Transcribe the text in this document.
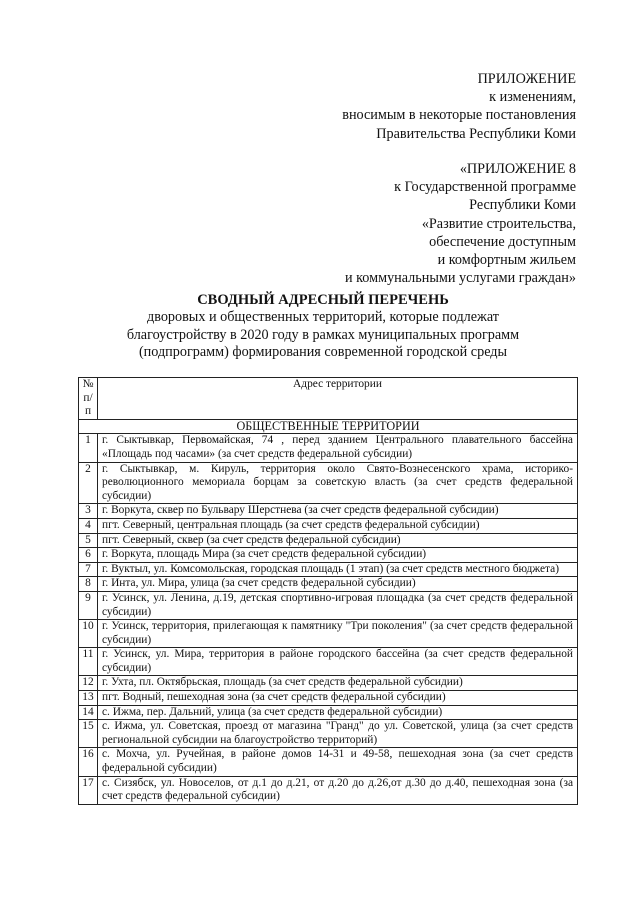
ПРИЛОЖЕНИЕ
к изменениям,
вносимым в некоторые постановления
Правительства Республики Коми
«ПРИЛОЖЕНИЕ 8
к Государственной программе
Республики Коми
«Развитие строительства,
обеспечение доступным
и комфортным жильем
и коммунальными услугами граждан»
СВОДНЫЙ АДРЕСНЫЙ ПЕРЕЧЕНЬ
дворовых и общественных территорий, которые подлежат
благоустройству в 2020 году в рамках муниципальных программ
(подпрограмм) формирования современной городской среды
№ п/п	Адрес территории
ОБЩЕСТВЕННЫЕ ТЕРРИТОРИИ	
1	г. Сыктывкар, Первомайская, 74 , перед зданием Центрального плавательного бассейна «Площадь под часами» (за счет средств федеральной субсидии)
2	г. Сыктывкар, м. Кируль, территория около Свято-Вознесенского храма, историко-революционного мемориала борцам за советскую власть (за счет средств федеральной субсидии)
3	г. Воркута, сквер по Бульвару Шерстнева (за счет средств федеральной субсидии)
4	пгт. Северный, центральная площадь (за счет средств федеральной субсидии)
5	пгт. Северный, сквер (за счет средств федеральной субсидии)
6	г. Воркута, площадь Мира (за счет средств федеральной субсидии)
7	г. Вуктыл, ул. Комсомольская, городская площадь (1 этап) (за счет средств местного бюджета)
8	г. Инта, ул. Мира, улица (за счет средств федеральной субсидии)
9	г. Усинск, ул. Ленина, д.19, детская спортивно-игровая площадка (за счет средств федеральной субсидии)
10	г. Усинск, территория, прилегающая к памятнику "Три поколения" (за счет средств федеральной субсидии)
11	г. Усинск, ул. Мира, территория в районе городского бассейна (за счет средств федеральной субсидии)
12	г. Ухта, пл. Октябрьская, площадь (за счет средств федеральной субсидии)
13	пгт. Водный, пешеходная зона (за счет средств федеральной субсидии)
14	с. Ижма, пер. Дальний, улица (за счет средств федеральной субсидии)
15	с. Ижма, ул. Советская, проезд от магазина "Гранд" до ул. Советской, улица (за счет средств региональной субсидии на благоустройство территорий)
16	с. Мохча, ул. Ручейная, в районе домов 14-31 и 49-58, пешеходная зона (за счет средств федеральной субсидии)
17	с. Сизябск, ул. Новоселов, от д.1 до д.21, от д.20 до д.26,от д.30 до д.40, пешеходная зона (за счет средств федеральной субсидии)
